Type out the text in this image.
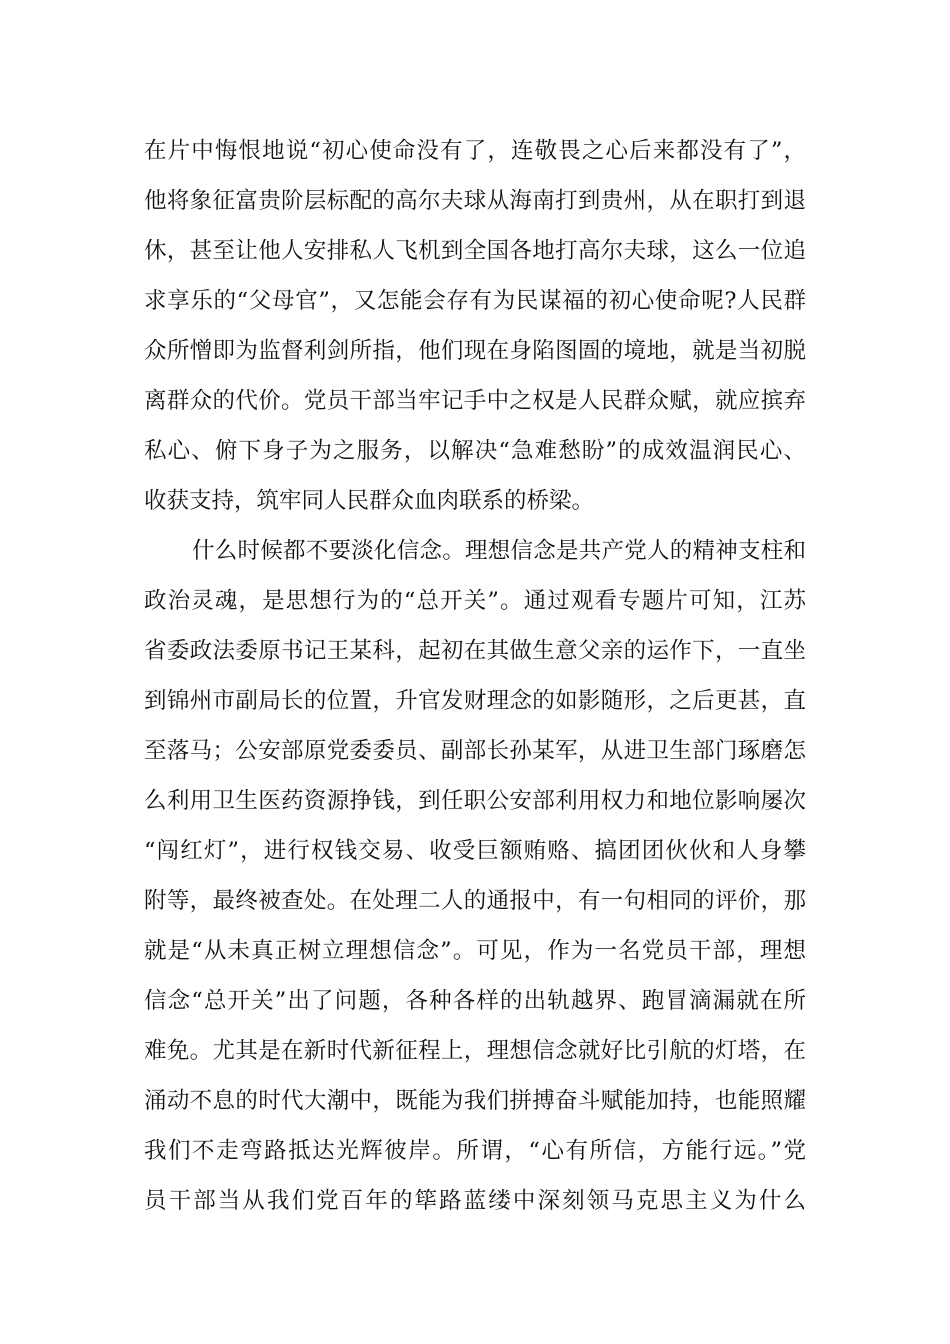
在片中悔恨地说“初心使命没有了，连敬畏之心后来都没有了”，
他将象征富贵阶层标配的高尔夫球从海南打到贵州，从在职打到退
休，甚至让他人安排私人飞机到全国各地打高尔夫球，这么一位追
求享乐的“父母官”，又怎能会存有为民谋福的初心使命呢?人民群
众所憎即为监督利剑所指，他们现在身陷图圄的境地，就是当初脱
离群众的代价。党员干部当牢记手中之权是人民群众赋，就应摈弃
私心、俯下身子为之服务，以解决“急难愁盼”的成效温润民心、
收获支持，筑牢同人民群众血肉联系的桥梁。
什么时候都不要淡化信念。理想信念是共产党人的精神支柱和
政治灵魂，是思想行为的“总开关”。通过观看专题片可知，江苏
省委政法委原书记王某科，起初在其做生意父亲的运作下，一直坐
到锦州市副局长的位置，升官发财理念的如影随形，之后更甚，直
至落马；公安部原党委委员、副部长孙某军，从进卫生部门琢磨怎
么利用卫生医药资源挣钱，到任职公安部利用权力和地位影响屡次
“闯红灯”，进行权钱交易、收受巨额贿赂、搞团团伙伙和人身攀
附等，最终被查处。在处理二人的通报中，有一句相同的评价，那
就是“从未真正树立理想信念”。可见，作为一名党员干部，理想
信念“总开关”出了问题，各种各样的出轨越界、跑冒滴漏就在所
难免。尤其是在新时代新征程上，理想信念就好比引航的灯塔，在
涌动不息的时代大潮中，既能为我们拼搏奋斗赋能加持，也能照耀
我们不走弯路抵达光辉彼岸。所谓，“心有所信，方能行远。”党
员干部当从我们党百年的筚路蓝缕中深刻领马克思主义为什么
